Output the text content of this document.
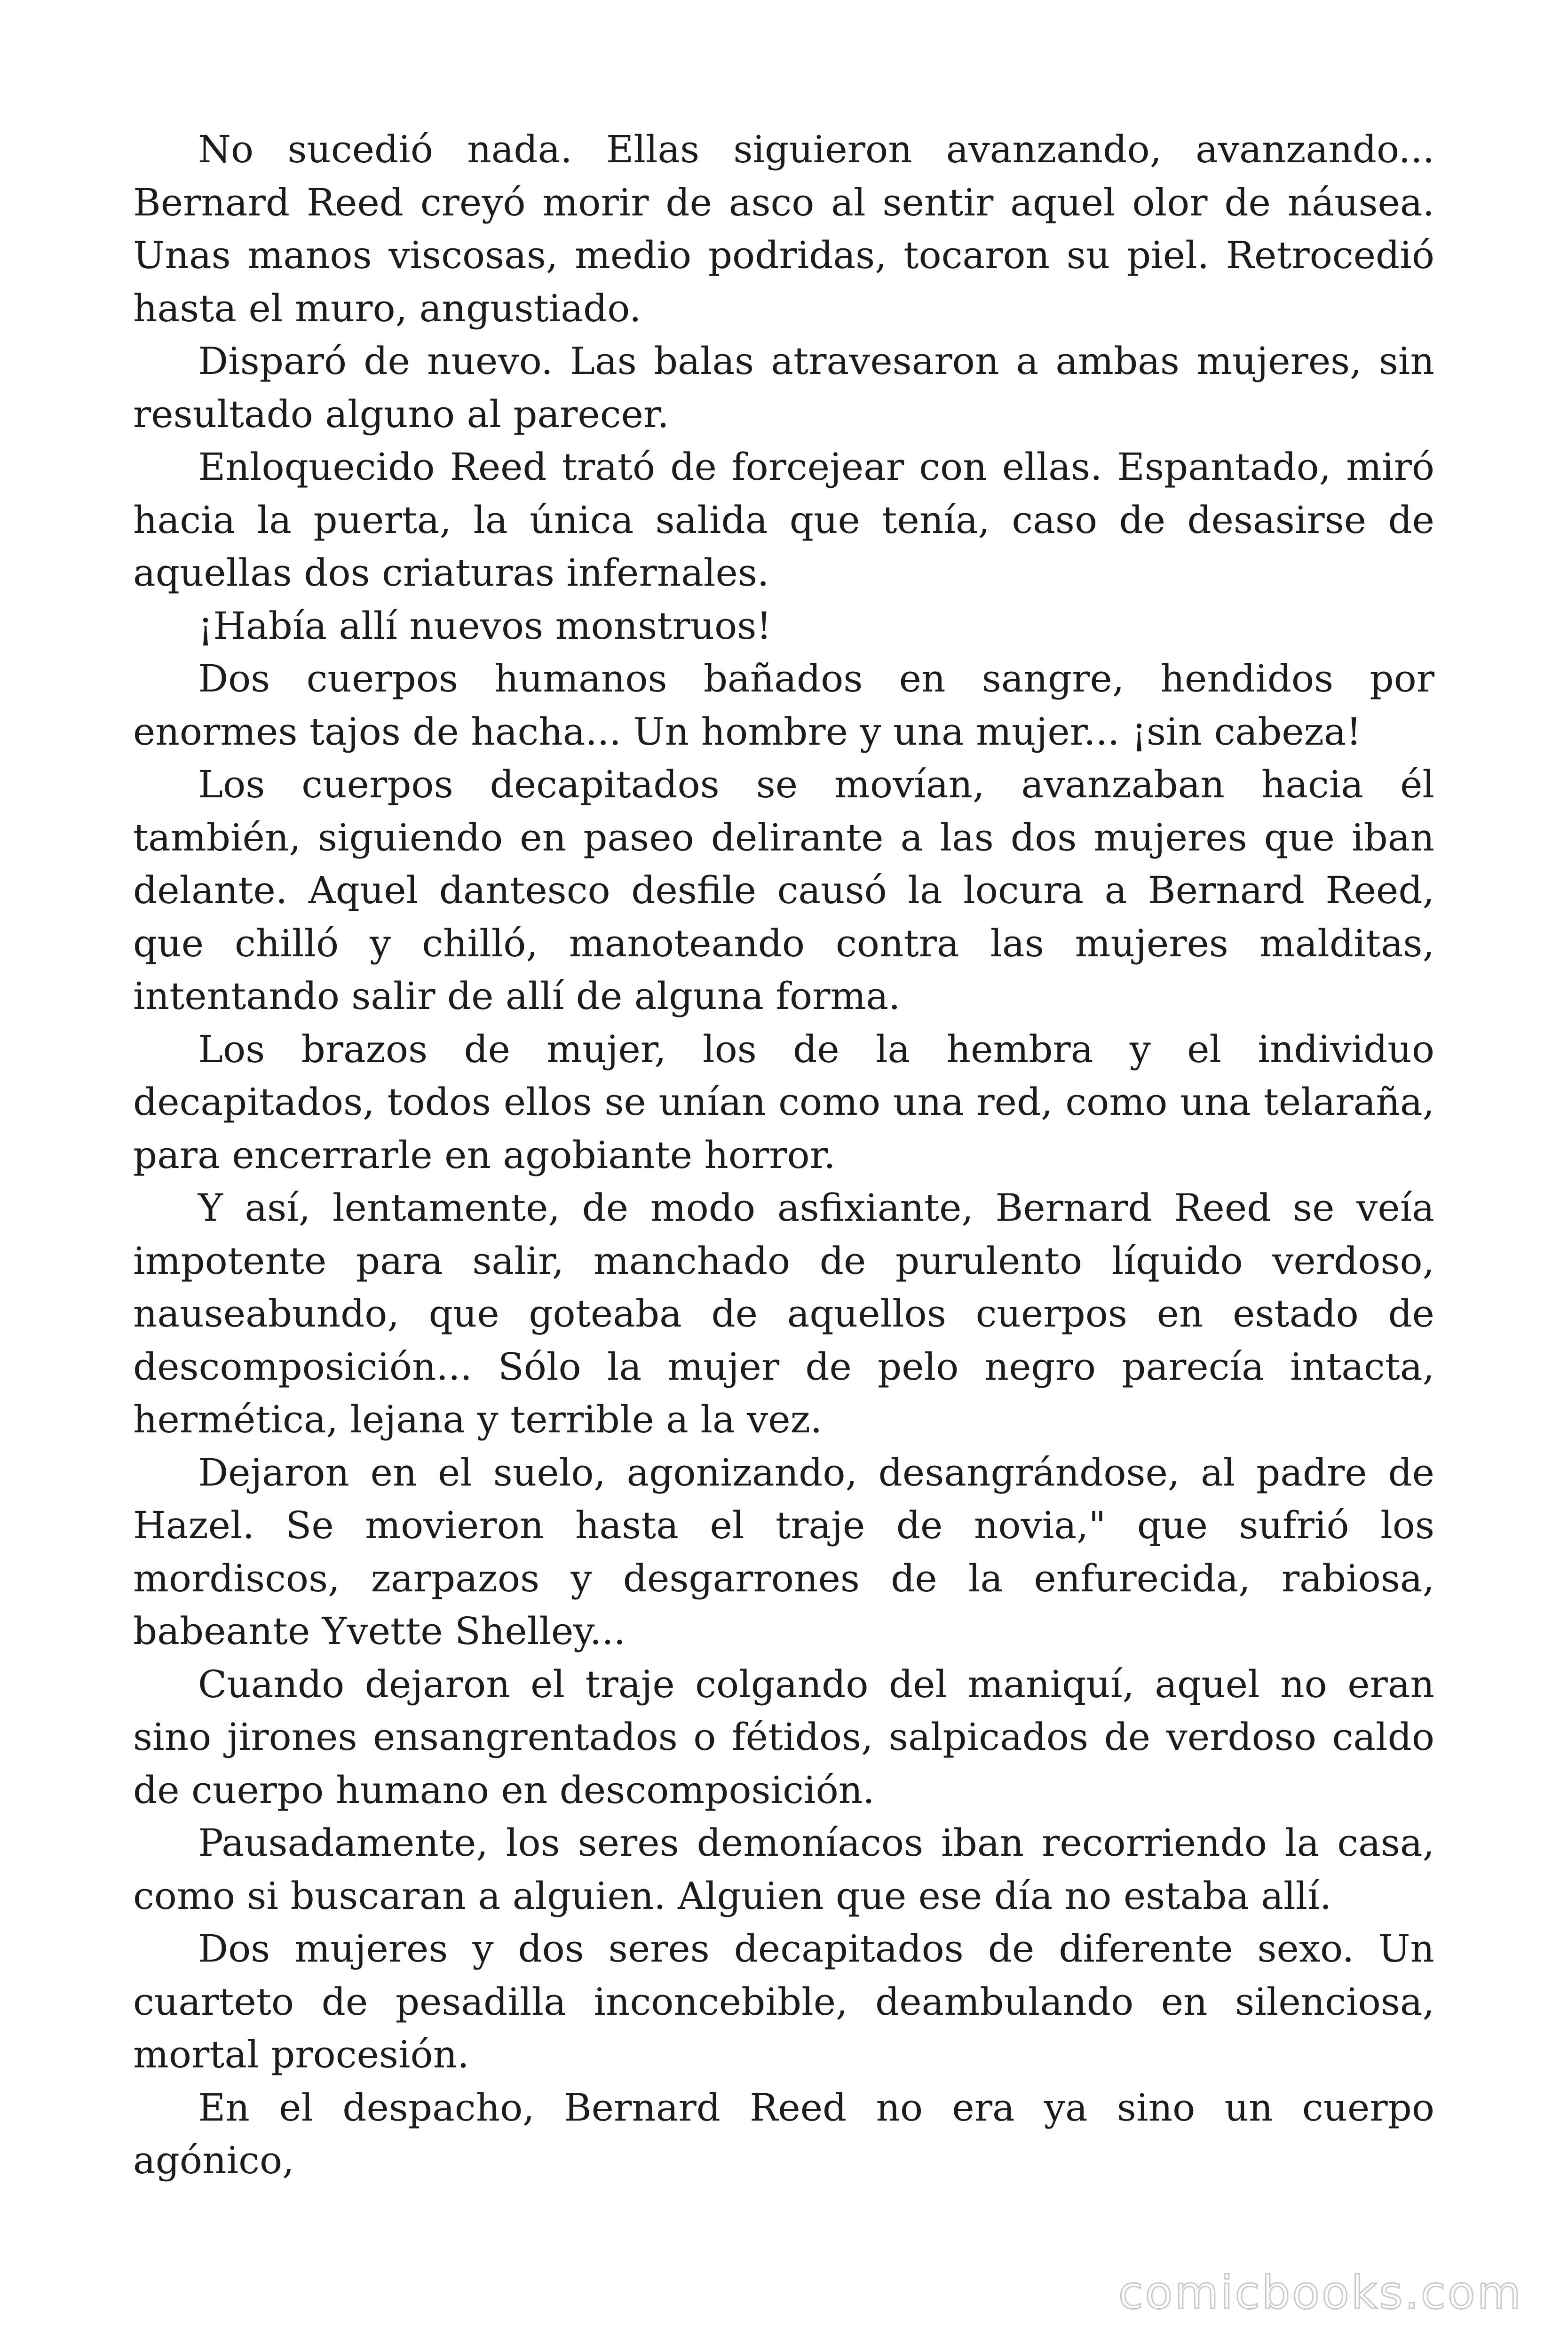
No sucedió nada. Ellas siguieron avanzando, avanzando... Bernard Reed creyó morir de asco al sentir aquel olor de náusea. Unas manos viscosas, medio podridas, tocaron su piel. Retrocedió hasta el muro, angustiado.

Disparó de nuevo. Las balas atravesaron a ambas mujeres, sin resultado alguno al parecer.

Enloquecido Reed trató de forcejear con ellas. Espantado, miró hacia la puerta, la única salida que tenía, caso de desasirse de aquellas dos criaturas infernales.

¡Había allí nuevos monstruos!

Dos cuerpos humanos bañados en sangre, hendidos por enormes tajos de hacha... Un hombre y una mujer... ¡sin cabeza!

Los cuerpos decapitados se movían, avanzaban hacia él también, siguiendo en paseo delirante a las dos mujeres que iban delante. Aquel dantesco desfile causó la locura a Bernard Reed, que chilló y chilló, manoteando contra las mujeres malditas, intentando salir de allí de alguna forma.

Los brazos de mujer, los de la hembra y el individuo decapitados, todos ellos se unían como una red, como una telaraña, para encerrarle en agobiante horror.

Y así, lentamente, de modo asfixiante, Bernard Reed se veía impotente para salir, manchado de purulento líquido verdoso, nauseabundo, que goteaba de aquellos cuerpos en estado de descomposición... Sólo la mujer de pelo negro parecía intacta, hermética, lejana y terrible a la vez.

Dejaron en el suelo, agonizando, desangrándose, al padre de Hazel. Se movieron hasta el traje de novia," que sufrió los mordiscos, zarpazos y desgarrones de la enfurecida, rabiosa, babeante Yvette Shelley...

Cuando dejaron el traje colgando del maniquí, aquel no eran sino jirones ensangrentados o fétidos, salpicados de verdoso caldo de cuerpo humano en descomposición.

Pausadamente, los seres demoníacos iban recorriendo la casa, como si buscaran a alguien. Alguien que ese día no estaba allí.

Dos mujeres y dos seres decapitados de diferente sexo. Un cuarteto de pesadilla inconcebible, deambulando en silenciosa, mortal procesión.

En el despacho, Bernard Reed no era ya sino un cuerpo agónico,

comicbooks.com
